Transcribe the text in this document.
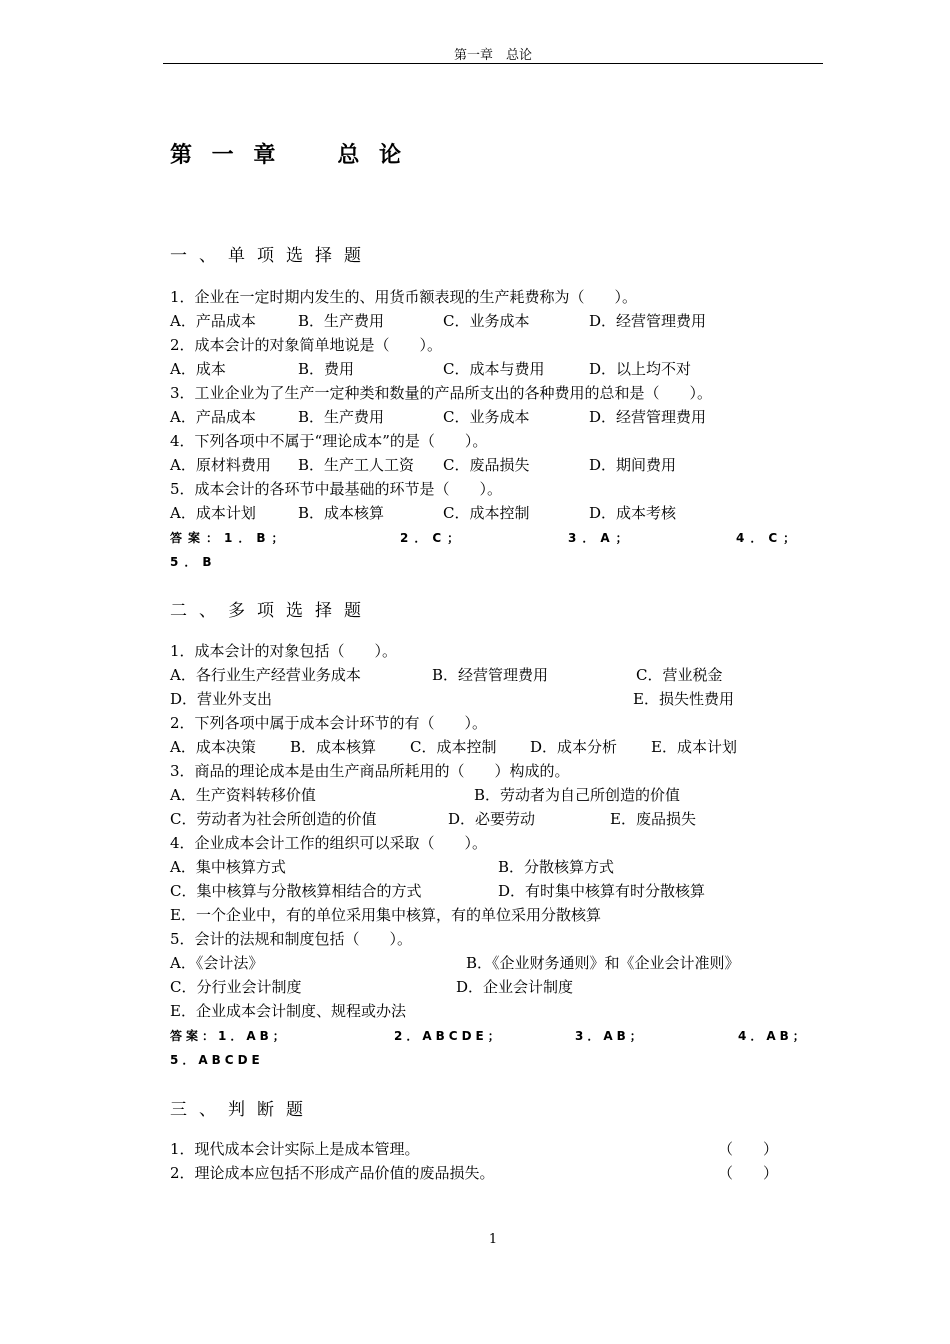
第一章　总论
第 一 章　　总 论
一、单项选择题
1．企业在一定时期内发生的、用货币额表现的生产耗费称为（　　）。
A．产品成本	B．生产费用	C．业务成本	D．经营管理费用
2．成本会计的对象简单地说是（　　）。
A．成本	B．费用	C．成本与费用	D．以上均不对
3．工业企业为了生产一定种类和数量的产品所支出的各种费用的总和是（　　）。
A．产品成本	B．生产费用	C．业务成本	D．经营管理费用
4．下列各项中不属于“理论成本”的是（　　）。
A．原材料费用 B．生产工人工资 C．废品损失	D．期间费用
5．成本会计的各环节中最基础的环节是（　　）。
A．成本计划	B．成本核算	C．成本控制	D．成本考核
答案：1．B；	2．C；	3．A；	4．C；
5．B
二、多项选择题
1．成本会计的对象包括（　　）。
A．各行业生产经营业务成本	B．经营管理费用	C．营业税金
D．营业外支出	E．损失性费用
2．下列各项中属于成本会计环节的有（　　）。
A．成本决策 B．成本核算 C．成本控制 D．成本分析 E．成本计划
3．商品的理论成本是由生产商品所耗用的（　　）构成的。
A．生产资料转移价值	B．劳动者为自己所创造的价值
C．劳动者为社会所创造的价值	D．必要劳动	E．废品损失
4．企业成本会计工作的组织可以采取（　　）。
A．集中核算方式	B．分散核算方式
C．集中核算与分散核算相结合的方式	D．有时集中核算有时分散核算
E．一个企业中，有的单位采用集中核算，有的单位采用分散核算
5．会计的法规和制度包括（　　）。
A．《会计法》	B．《企业财务通则》和《企业会计准则》
C．分行业会计制度	D．企业会计制度
E．企业成本会计制度、规程或办法
答案：1．AB；	2．ABCDE；	3．AB；	4．AB；
5．ABCDE
三、判断题
1．现代成本会计实际上是成本管理。	（　　）
2．理论成本应包括不形成产品价值的废品损失。	（　　）
1
